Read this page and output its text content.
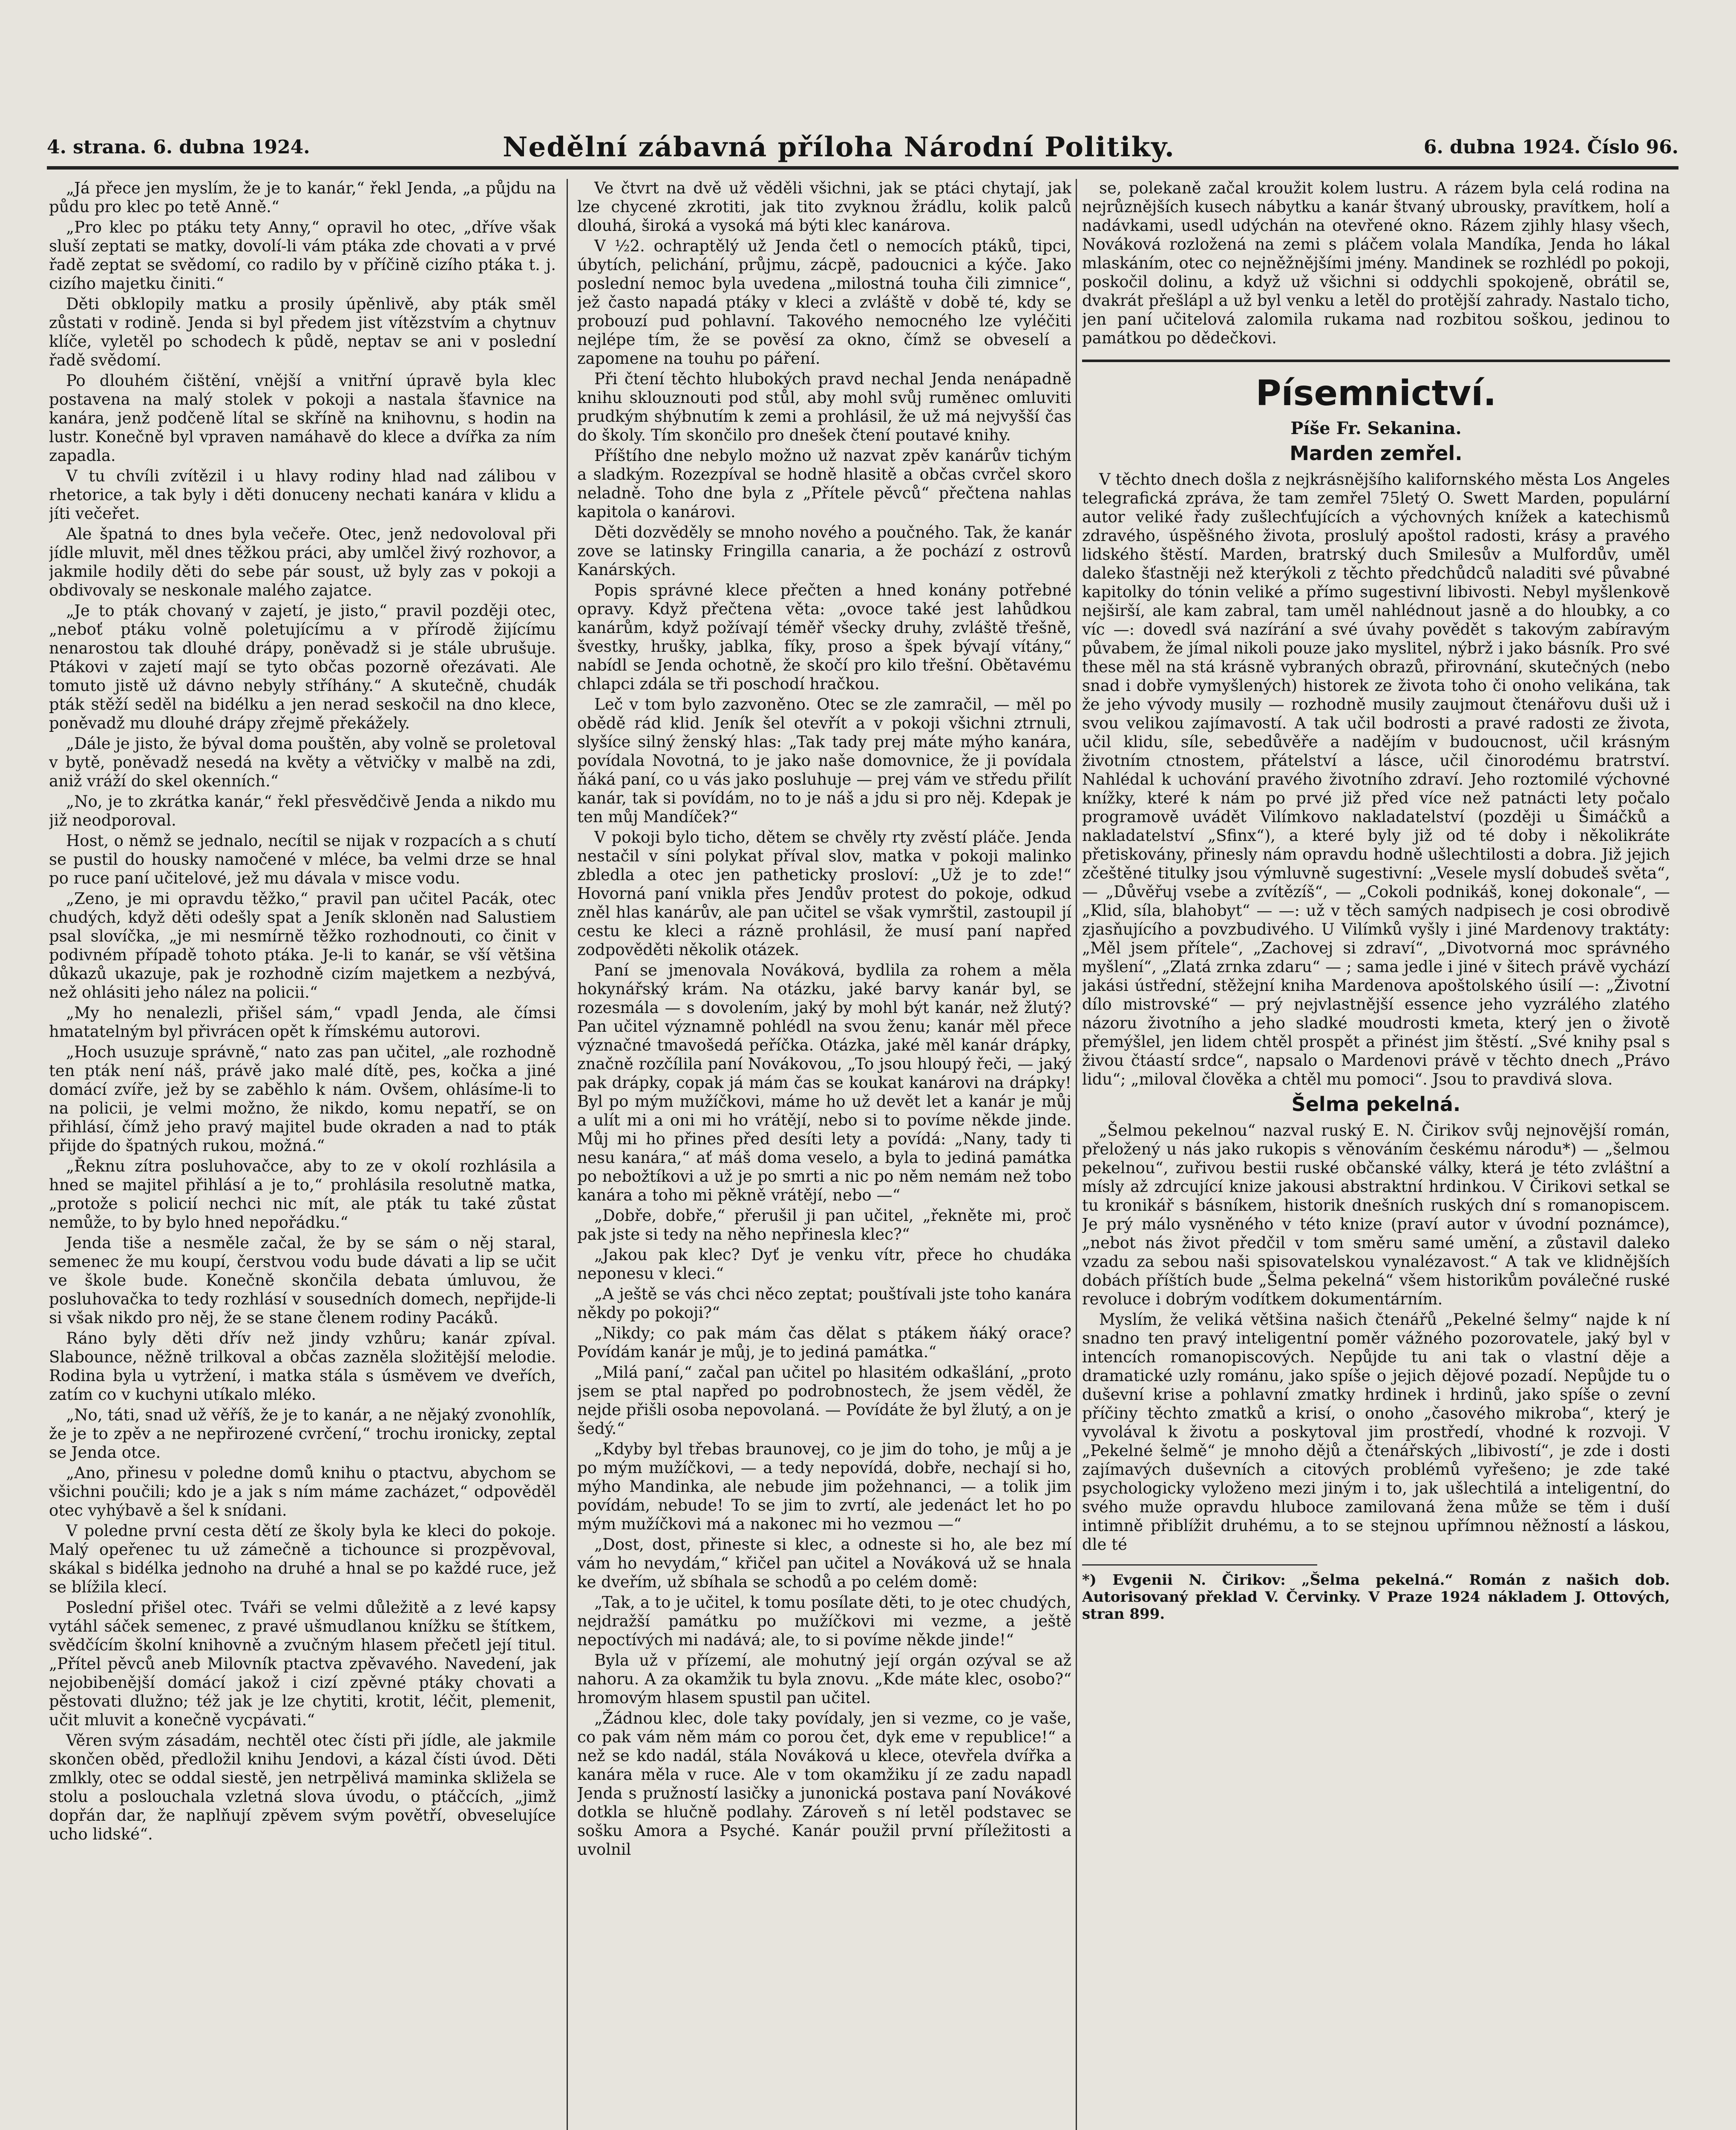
4. strana. 6. dubna 1924.	Nedělní zábavná příloha Národní Politiky.	6. dubna 1924. Číslo 96.

„Já přece jen myslím, že je to kanár,“ řekl Jenda, „a půjdu na půdu pro klec po tetě Anně.“

„Pro klec po ptáku tety Anny,“ opravil ho otec, „dříve však sluší zeptati se matky, dovolí-li vám ptáka zde chovati a v prvé řadě zeptat se svědomí, co radilo by v příčině cizího ptáka t. j. cizího majetku činiti.“

Děti obklopily matku a prosily úpěnlivě, aby pták směl zůstati v rodině. Jenda si byl předem jist vítězstvím a chytnuv klíče, vyletěl po schodech k půdě, neptav se ani v poslední řadě svědomí.

Po dlouhém čištění, vnější a vnitřní úpravě byla klec postavena na malý stolek v pokoji a nastala šťavnice na kanára, jenž podčeně lítal se skříně na knihovnu, s hodin na lustr. Konečně byl vpraven namáhavě do klece a dvířka za ním zapadla.

V tu chvíli zvítězil i u hlavy rodiny hlad nad zálibou v rhetorice, a tak byly i děti donuceny nechati kanára v klidu a jíti večeřet.

Ale špatná to dnes byla večeře. Otec, jenž nedovoloval při jídle mluvit, měl dnes těžkou práci, aby umlčel živý rozhovor, a jakmile hodily děti do sebe pár soust, už byly zas v pokoji a obdivovaly se neskonale malého zajatce.

„Je to pták chovaný v zajetí, je jisto,“ pravil později otec, „neboť ptáku volně poletujícímu a v přírodě žijícímu nenarostou tak dlouhé drápy, poněvadž si je stále ubrušuje. Ptákovi v zajetí mají se tyto občas pozorně ořezávati. Ale tomuto jistě už dávno nebyly stříhány.“ A skutečně, chudák pták stěží seděl na bidélku a jen nerad seskočil na dno klece, poněvadž mu dlouhé drápy zřejmě překážely.

„Dále je jisto, že býval doma pouštěn, aby volně se proletoval v bytě, poněvadž nesedá na květy a větvičky v malbě na zdi, aniž vráží do skel okenních.“

„No, je to zkrátka kanár,“ řekl přesvědčivě Jenda a nikdo mu již neodporoval.

Host, o němž se jednalo, necítil se nijak v rozpacích a s chutí se pustil do housky namočené v mléce, ba velmi drze se hnal po ruce paní učitelové, jež mu dávala v misce vodu.

„Zeno, je mi opravdu těžko,“ pravil pan učitel Pacák, otec chudých, když děti odešly spat a Jeník skloněn nad Salustiem psal slovíčka, „je mi nesmírně těžko rozhodnouti, co činit v podivném případě tohoto ptáka. Je-li to kanár, se vší většina důkazů ukazuje, pak je rozhodně cizím majetkem a nezbývá, než ohlásiti jeho nález na policii.“

„My ho nenalezli, přišel sám,“ vpadl Jenda, ale čímsi hmatatelným byl přivrácen opět k římskému autorovi.

„Hoch usuzuje správně,“ nato zas pan učitel, „ale rozhodně ten pták není náš, právě jako malé dítě, pes, kočka a jiné domácí zvíře, jež by se zaběhlo k nám. Ovšem, ohlásíme-li to na policii, je velmi možno, že nikdo, komu nepatří, se on přihlásí, čímž jeho pravý majitel bude okraden a nad to pták přijde do špatných rukou, možná.“

„Řeknu zítra posluhovačce, aby to ze v okolí rozhlásila a hned se majitel přihlásí a je to,“ prohlásila resolutně matka, „protože s policií nechci nic mít, ale pták tu také zůstat nemůže, to by bylo hned nepořádku.“

Jenda tiše a nesměle začal, že by se sám o něj staral, semenec že mu koupí, čerstvou vodu bude dávati a lip se učit ve škole bude. Konečně skončila debata úmluvou, že posluhovačka to tedy rozhlásí v sousedních domech, nepřijde-li si však nikdo pro něj, že se stane členem rodiny Pacáků.

Ráno byly děti dřív než jindy vzhůru; kanár zpíval. Slabounce, něžně trilkoval a občas zazněla složitější melodie. Rodina byla u vytržení, i matka stála s úsměvem ve dveřích, zatím co v kuchyni utíkalo mléko.

„No, táti, snad už věříš, že je to kanár, a ne nějaký zvonohlík, že je to zpěv a ne nepřirozené cvrčení,“ trochu ironicky, zeptal se Jenda otce.

„Ano, přinesu v poledne domů knihu o ptactvu, abychom se všichni poučili; kdo je a jak s ním máme zacházet,“ odpověděl otec vyhýbavě a šel k snídani.

V poledne první cesta dětí ze školy byla ke kleci do pokoje. Malý opeřenec tu už zámečně a tichounce si prozpěvoval, skákal s bidélka jednoho na druhé a hnal se po každé ruce, jež se blížila klecí.

Poslední přišel otec. Tváři se velmi důležitě a z levé kapsy vytáhl sáček semenec, z pravé ušmudlanou knížku se štítkem, svědčícím školní knihovně a zvučným hlasem přečetl její titul. „Přítel pěvců aneb Milovník ptactva zpěvavého. Navedení, jak nejobibenější domácí jakož i cizí zpěvné ptáky chovati a pěstovati dlužno; též jak je lze chytiti, krotit, léčit, plemenit, učit mluvit a konečně vycpávati.“

Věren svým zásadám, nechtěl otec čísti při jídle, ale jakmile skončen oběd, předložil knihu Jendovi, a kázal čísti úvod. Děti zmlkly, otec se oddal siestě, jen netrpělivá maminka skližela se stolu a poslouchala vzletná slova úvodu, o ptáčcích, „jimž dopřán dar, že naplňují zpěvem svým povětří, obveselujíce ucho lidské“.

Ve čtvrt na dvě už věděli všichni, jak se ptáci chytají, jak lze chycené zkrotiti, jak tito zvyknou žrádlu, kolik palců dlouhá, široká a vysoká má býti klec kanárova.

V ½2. ochraptělý už Jenda četl o nemocích ptáků, tipci, úbytích, pelichání, průjmu, zácpě, padoucnici a kýče. Jako poslední nemoc byla uvedena „milostná touha čili zimnice“, jež často napadá ptáky v kleci a zvláště v době té, kdy se probouzí pud pohlavní. Takového nemocného lze vyléčiti nejlépe tím, že se pověsí za okno, čímž se obveselí a zapomene na touhu po páření.

Při čtení těchto hlubokých pravd nechal Jenda nenápadně knihu sklouznouti pod stůl, aby mohl svůj ruměnec omluviti prudkým shýbnutím k zemi a prohlásil, že už má nejvyšší čas do školy. Tím skončilo pro dnešek čtení poutavé knihy.

Příštího dne nebylo možno už nazvat zpěv kanárův tichým a sladkým. Rozezpíval se hodně hlasitě a občas cvrčel skoro neladně. Toho dne byla z „Přítele pěvců“ přečtena nahlas kapitola o kanárovi.

Děti dozvěděly se mnoho nového a poučného. Tak, že kanár zove se latinsky Fringilla canaria, a že pochází z ostrovů Kanárských.

Popis správné klece přečten a hned konány potřebné opravy. Když přečtena věta: „ovoce také jest lahůdkou kanárům, když požívají téměř všecky druhy, zvláště třešně, švestky, hrušky, jablka, fíky, proso a špek bývají vítány,“ nabídl se Jenda ochotně, že skočí pro kilo třešní. Obětavému chlapci zdála se tři poschodí hračkou.

Leč v tom bylo zazvoněno. Otec se zle zamračil, — měl po obědě rád klid. Jeník šel otevřít a v pokoji všichni ztrnuli, slyšíce silný ženský hlas: „Tak tady prej máte mýho kanára, povídala Novotná, to je jako naše domovnice, že ji povídala ňáká paní, co u vás jako posluhuje — prej vám ve středu přilít kanár, tak si povídám, no to je náš a jdu si pro něj. Kdepak je ten můj Mandíček?“

V pokoji bylo ticho, dětem se chvěly rty zvěstí pláče. Jenda nestačil v síni polykat příval slov, matka v pokoji malinko zbledla a otec jen patheticky prosloví: „Už je to zde!“ Hovorná paní vnikla přes Jendův protest do pokoje, odkud zněl hlas kanárův, ale pan učitel se však vymrštil, zastoupil jí cestu ke kleci a rázně prohlásil, že musí paní napřed zodpověděti několik otázek.

Paní se jmenovala Nováková, bydlila za rohem a měla hokynářský krám. Na otázku, jaké barvy kanár byl, se rozesmála — s dovolením, jaký by mohl být kanár, než žlutý? Pan učitel významně pohlédl na svou ženu; kanár měl přece význačné tmavošedá peříčka. Otázka, jaké měl kanár drápky, značně rozčílila paní Novákovou, „To jsou hloupý řeči, — jaký pak drápky, copak já mám čas se koukat kanárovi na drápky! Byl po mým mužíčkovi, máme ho už devět let a kanár je můj a ulít mi a oni mi ho vrátějí, nebo si to povíme někde jinde. Můj mi ho přines před desíti lety a povídá: „Nany, tady ti nesu kanára,“ ať máš doma veselo, a byla to jediná památka po nebožtíkovi a už je po smrti a nic po něm nemám než tobo kanára a toho mi pěkně vrátějí, nebo —“

„Dobře, dobře,“ přerušil ji pan učitel, „řekněte mi, proč pak jste si tedy na něho nepřinesla klec?“

„Jakou pak klec? Dyť je venku vítr, přece ho chudáka neponesu v kleci.“

„A ještě se vás chci něco zeptat; pouštívali jste toho kanára někdy po pokoji?“

„Nikdy; co pak mám čas dělat s ptákem ňáký orace? Povídám kanár je můj, je to jediná památka.“

„Milá paní,“ začal pan učitel po hlasitém odkašlání, „proto jsem se ptal napřed po podrobnostech, že jsem věděl, že nejde přišli osoba nepovolaná. — Povídáte že byl žlutý, a on je šedý.“

„Kdyby byl třebas braunovej, co je jim do toho, je můj a je po mým mužíčkovi, — a tedy nepovídá, dobře, nechají si ho, mýho Mandinka, ale nebude jim požehnanci, — a tolik jim povídám, nebude! To se jim to zvrtí, ale jedenáct let ho po mým mužíčkovi má a nakonec mi ho vezmou —“

„Dost, dost, přineste si klec, a odneste si ho, ale bez mí vám ho nevydám,“ křičel pan učitel a Nováková už se hnala ke dveřím, už sbíhala se schodů a po celém domě:

„Tak, a to je učitel, k tomu posílate děti, to je otec chudých, nejdražší památku po mužíčkovi mi vezme, a ještě nepoctívých mi nadává; ale, to si povíme někde jinde!“

Byla už v přízemí, ale mohutný její orgán ozýval se až nahoru. A za okamžik tu byla znovu. „Kde máte klec, osobo?“ hromovým hlasem spustil pan učitel.

„Žádnou klec, dole taky povídaly, jen si vezme, co je vaše, co pak vám něm mám co porou čet, dyk eme v republice!“ a než se kdo nadál, stála Nováková u klece, otevřela dvířka a kanára měla v ruce. Ale v tom okamžiku jí ze zadu napadl Jenda s pružností lasičky a junonická postava paní Novákové dotkla se hlučně podlahy. Zároveň s ní letěl podstavec se sošku Amora a Psyché. Kanár použil první příležitosti a uvolnil

se, polekaně začal kroužit kolem lustru. A rázem byla celá rodina na nejrůznějších kusech nábytku a kanár štvaný ubrousky, pravítkem, holí a nadávkami, usedl udýchán na otevřené okno. Rázem zjihly hlasy všech, Nováková rozložená na zemi s pláčem volala Mandíka, Jenda ho lákal mlaskáním, otec co nejněžnějšími jmény. Mandinek se rozhlédl po pokoji, poskočil dolinu, a když už všichni si oddychli spokojeně, obrátil se, dvakrát přešlápl a už byl venku a letěl do protější zahrady. Nastalo ticho, jen paní učitelová zalomila rukama nad rozbitou soškou, jedinou to památkou po dědečkovi.

Písemnictví.
Píše Fr. Sekanina.
Marden zemřel.

V těchto dnech došla z nejkrásnějšího kalifornského města Los Angeles telegrafická zpráva, že tam zemřel 75letý O. Swett Marden, populární autor veliké řady zušlechťujících a výchovných knížek a katechismů zdravého, úspěšného života, proslulý apoštol radosti, krásy a pravého lidského štěstí. Marden, bratrský duch Smilesův a Mulfordův, uměl daleko šťastněji než kterýkoli z těchto předchůdců naladiti své půvabné kapitolky do tónin veliké a přímo sugestivní libivosti. Nebyl myšlenkově nejširší, ale kam zabral, tam uměl nahlédnout jasně a do hloubky, a co víc —: dovedl svá nazírání a své úvahy povědět s takovým zabíravým půvabem, že jímal nikoli pouze jako myslitel, nýbrž i jako básník. Pro své these měl na stá krásně vybraných obrazů, přirovnání, skutečných (nebo snad i dobře vymyšlených) historek ze života toho či onoho velikána, tak že jeho vývody musily — rozhodně musily zaujmout čtenářovu duši už i svou velikou zajímavostí. A tak učil bodrosti a pravé radosti ze života, učil klidu, síle, sebedůvěře a nadějím v budoucnost, učil krásným životním ctnostem, přátelství a lásce, učil činorodému bratrství. Nahlédal k uchování pravého životního zdraví. Jeho roztomilé výchovné knížky, které k nám po prvé již před více než patnácti lety počalo programově uvádět Vilímkovo nakladatelství (později u Šimáčků a nakladatelství „Sfinx“), a které byly již od té doby i několikráte přetiskovány, přinesly nám opravdu hodně ušlechtilosti a dobra. Již jejich zčeštěné titulky jsou výmluvně sugestivní: „Vesele myslí dobudeš světa“, — „Důvěřuj vsebe a zvítězíš“, — „Cokoli podnikáš, konej dokonale“, — „Klid, síla, blahobyt“ — —: už v těch samých nadpisech je cosi obrodivě zjasňujícího a povzbudivého. U Vilímků vyšly i jiné Mardenovy traktáty: „Měl jsem přítele“, „Zachovej si zdraví“, „Divotvorná moc správného myšlení“, „Zlatá zrnka zdaru“ — ; sama jedle i jiné v šitech právě vychází jakási ústřední, stěžejní kniha Mardenova apoštolského úsilí —: „Životní dílo mistrovské“ — prý nejvlastnější essence jeho vyzrálého zlatého názoru životního a jeho sladké moudrosti kmeta, který jen o životě přemýšlel, jen lidem chtěl prospět a přinést jim štěstí. „Své knihy psal s živou čtáastí srdce“, napsalo o Mardenovi právě v těchto dnech „Právo lidu“; „miloval člověka a chtěl mu pomoci“. Jsou to pravdivá slova.

Šelma pekelná.

„Šelmou pekelnou“ nazval ruský E. N. Čirikov svůj nejnovější román, přeložený u nás jako rukopis s věnováním českému národu*) — „šelmou pekelnou“, zuřivou bestii ruské občanské války, která je této zvláštní a mísly až zdrcující knize jakousi abstraktní hrdinkou. V Čirikovi setkal se tu kronikář s básníkem, historik dnešních ruských dní s romanopiscem. Je prý málo vysněného v této knize (praví autor v úvodní poznámce), „nebot nás život předčil v tom směru samé umění, a zůstavil daleko vzadu za sebou naši spisovatelskou vynalézavost.“ A tak ve klidnějších dobách příštích bude „Šelma pekelná“ všem historikům poválečné ruské revoluce i dobrým vodítkem dokumentárním.

Myslím, že veliká většina našich čtenářů „Pekelné šelmy“ najde k ní snadno ten pravý inteligentní poměr vážného pozorovatele, jaký byl v intencích romanopiscových. Nepůjde tu ani tak o vlastní děje a dramatické uzly románu, jako spíše o jejich dějové pozadí. Nepůjde tu o duševní krise a pohlavní zmatky hrdinek i hrdinů, jako spíše o zevní příčiny těchto zmatků a krisí, o onoho „časového mikroba“, který je vyvolával k životu a poskytoval jim prostředí, vhodné k rozvoji. V „Pekelné šelmě“ je mnoho dějů a čtenářských „libivostí“, je zde i dosti zajímavých duševních a citových problémů vyřešeno; je zde také psychologicky vyloženo mezi jiným i to, jak ušlechtilá a inteligentní, do svého muže opravdu hluboce zamilovaná žena může se těm i duší intimně přiblížit druhému, a to se stejnou upřímnou něžností a láskou, dle té

*) Evgenii N. Čirikov: „Šelma pekelná.“ Román z našich dob. Autorisovaný překlad V. Červinky. V Praze 1924 nákladem J. Ottových, stran 899.
